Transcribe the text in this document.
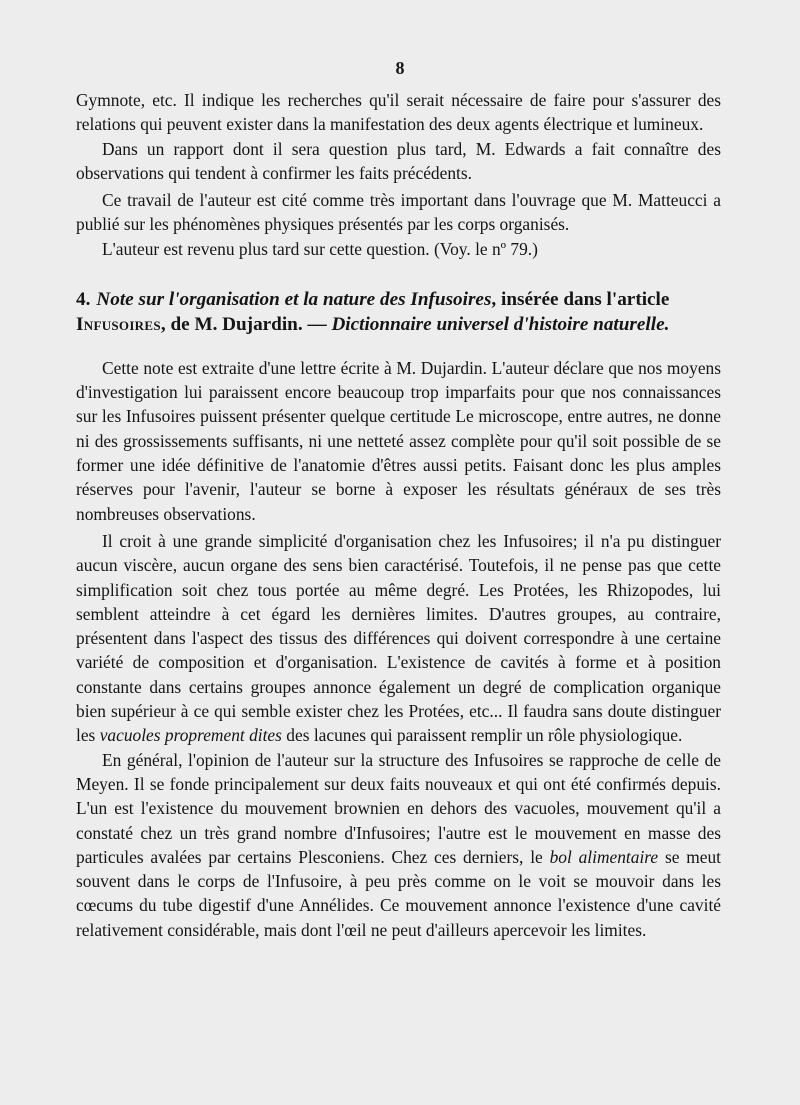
8

Gymnote, etc. Il indique les recherches qu'il serait nécessaire de faire pour s'assurer des relations qui peuvent exister dans la manifestation des deux agents électrique et lumineux.

Dans un rapport dont il sera question plus tard, M. Edwards a fait connaître des observations qui tendent à confirmer les faits précédents.

Ce travail de l'auteur est cité comme très important dans l'ouvrage que M. Matteucci a publié sur les phénomènes physiques présentés par les corps organisés.

L'auteur est revenu plus tard sur cette question. (Voy. le nº 79.)

4. Note sur l'organisation et la nature des Infusoires, insérée dans l'article
Infusoires, de M. Dujardin. — Dictionnaire universel d'histoire naturelle.

Cette note est extraite d'une lettre écrite à M. Dujardin. L'auteur déclare que nos moyens d'investigation lui paraissent encore beaucoup trop imparfaits pour que nos connaissances sur les Infusoires puissent présenter quelque certitude Le microscope, entre autres, ne donne ni des grossissements suffisants, ni une netteté assez complète pour qu'il soit possible de se former une idée définitive de l'anatomie d'êtres aussi petits. Faisant donc les plus amples réserves pour l'avenir, l'auteur se borne à exposer les résultats généraux de ses très nombreuses observations.

Il croit à une grande simplicité d'organisation chez les Infusoires; il n'a pu distinguer aucun viscère, aucun organe des sens bien caractérisé. Toutefois, il ne pense pas que cette simplification soit chez tous portée au même degré. Les Protées, les Rhizopodes, lui semblent atteindre à cet égard les dernières limites. D'autres groupes, au contraire, présentent dans l'aspect des tissus des différences qui doivent correspondre à une certaine variété de composition et d'organisation. L'existence de cavités à forme et à position constante dans certains groupes annonce également un degré de complication organique bien supérieur à ce qui semble exister chez les Protées, etc... Il faudra sans doute distinguer les vacuoles proprement dites des lacunes qui paraissent remplir un rôle physiologique.

En général, l'opinion de l'auteur sur la structure des Infusoires se rapproche de celle de Meyen. Il se fonde principalement sur deux faits nouveaux et qui ont été confirmés depuis. L'un est l'existence du mouvement brownien en dehors des vacuoles, mouvement qu'il a constaté chez un très grand nombre d'Infusoires; l'autre est le mouvement en masse des particules avalées par certains Plesconiens. Chez ces derniers, le bol alimentaire se meut souvent dans le corps de l'Infusoire, à peu près comme on le voit se mouvoir dans les cœcums du tube digestif d'une Annélides. Ce mouvement annonce l'existence d'une cavité relativement considérable, mais dont l'œil ne peut d'ailleurs apercevoir les limites.
